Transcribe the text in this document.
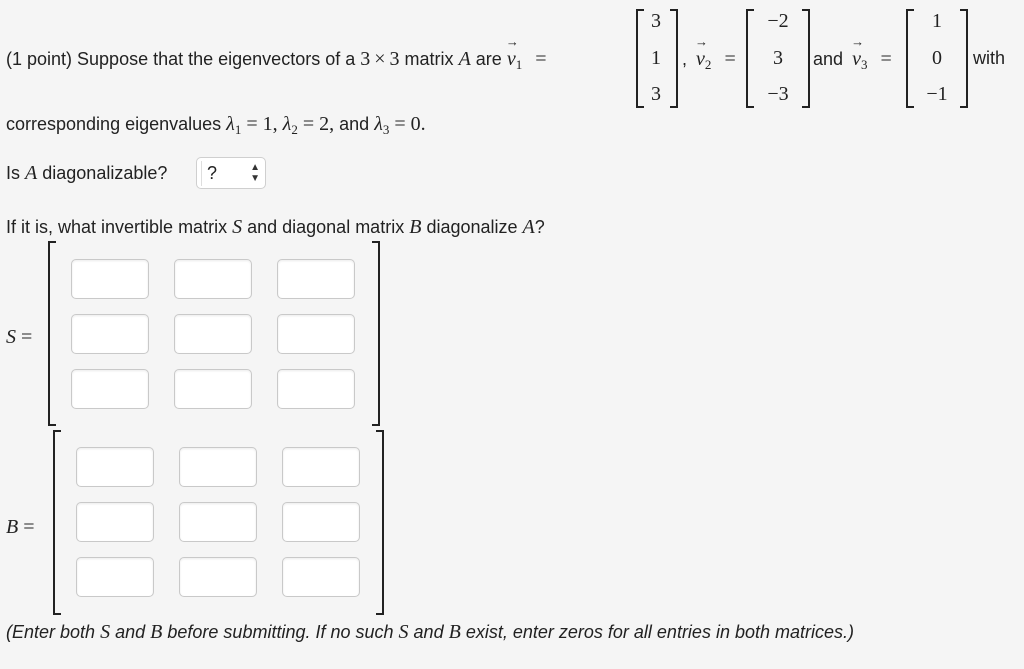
(1 point) Suppose that the eigenvectors of a 3 × 3 matrix A are → $v_1$ =
3
1
3
, → $v_2$ =
−2
3
−3
and → $v_3$ =
1
0
−1
with
corresponding eigenvalues $\lambda_1 = 1$, $\lambda_2 = 2$, and $\lambda_3 = 0$.
Is A diagonalizable? ?	▲
▼
If it is, what invertible matrix S and diagonal matrix B diagonalize A?
S =
B =
(Enter both S and B before submitting. If no such S and B exist, enter zeros for all entries in both matrices.)
